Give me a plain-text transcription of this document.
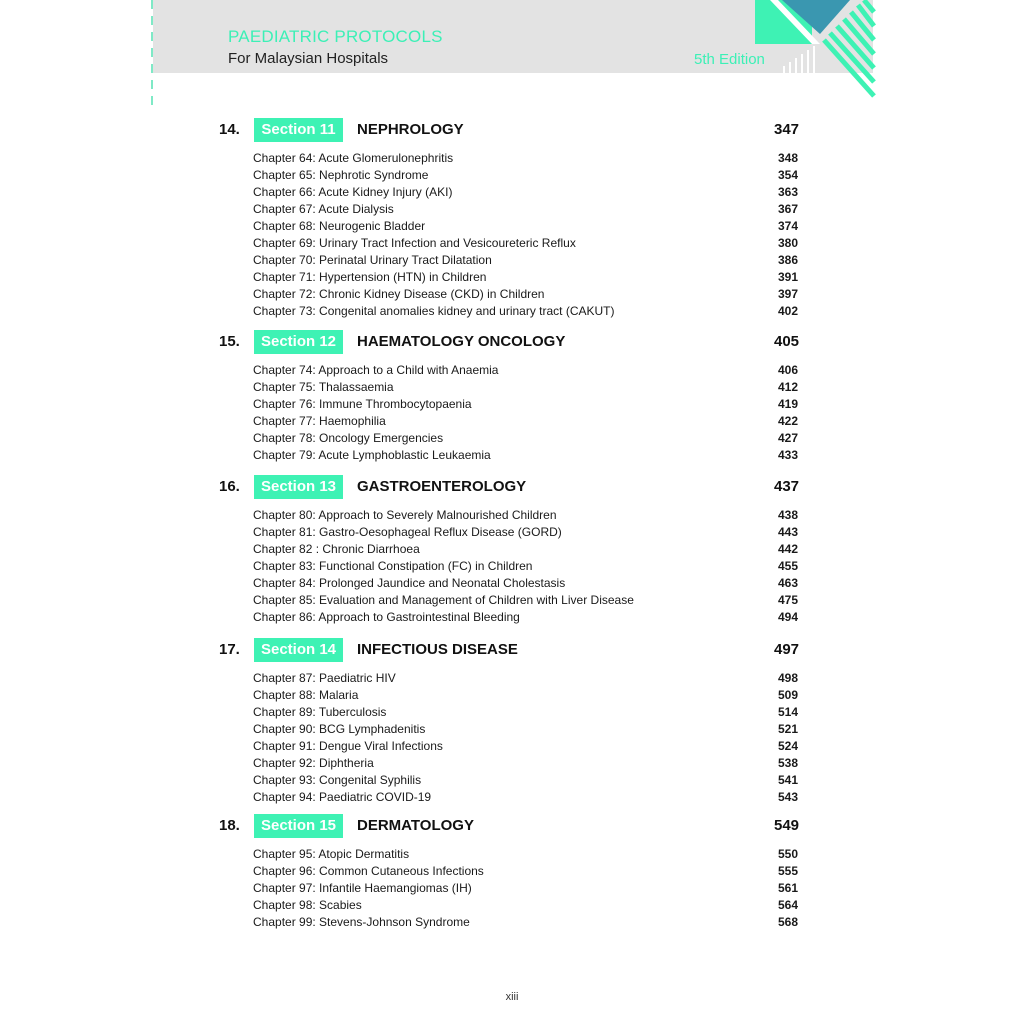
PAEDIATRIC PROTOCOLS
For Malaysian Hospitals	5th Edition
14.	Section 11	NEPHROLOGY	347
Chapter 64: Acute Glomerulonephritis	348
Chapter 65: Nephrotic Syndrome	354
Chapter 66: Acute Kidney Injury (AKI)	363
Chapter 67: Acute Dialysis	367
Chapter 68: Neurogenic Bladder	374
Chapter 69: Urinary Tract Infection and Vesicoureteric Reflux	380
Chapter 70: Perinatal Urinary Tract Dilatation	386
Chapter 71: Hypertension (HTN) in Children	391
Chapter 72: Chronic Kidney Disease (CKD) in Children	397
Chapter 73: Congenital anomalies kidney and urinary tract (CAKUT)	402
15.	Section 12	HAEMATOLOGY ONCOLOGY	405
Chapter 74: Approach to a Child with Anaemia	406
Chapter 75: Thalassaemia	412
Chapter 76: Immune Thrombocytopaenia	419
Chapter 77: Haemophilia	422
Chapter 78: Oncology Emergencies	427
Chapter 79: Acute Lymphoblastic Leukaemia	433
16.	Section 13	GASTROENTEROLOGY	437
Chapter 80: Approach to Severely Malnourished Children	438
Chapter 81: Gastro-Oesophageal Reflux Disease (GORD)	443
Chapter 82 : Chronic Diarrhoea	442
Chapter 83: Functional Constipation (FC) in Children	455
Chapter 84: Prolonged Jaundice and Neonatal Cholestasis	463
Chapter 85: Evaluation and Management of Children with Liver Disease	475
Chapter 86: Approach to Gastrointestinal Bleeding	494
17.	Section 14	INFECTIOUS DISEASE	497
Chapter 87: Paediatric HIV	498
Chapter 88: Malaria	509
Chapter 89: Tuberculosis	514
Chapter 90: BCG Lymphadenitis	521
Chapter 91: Dengue Viral Infections	524
Chapter 92: Diphtheria	538
Chapter 93: Congenital Syphilis	541
Chapter 94: Paediatric COVID-19	543
18.	Section 15	DERMATOLOGY	549
Chapter 95: Atopic Dermatitis	550
Chapter 96: Common Cutaneous Infections	555
Chapter 97: Infantile Haemangiomas (IH)	561
Chapter 98: Scabies	564
Chapter 99: Stevens-Johnson Syndrome	568
xiii
